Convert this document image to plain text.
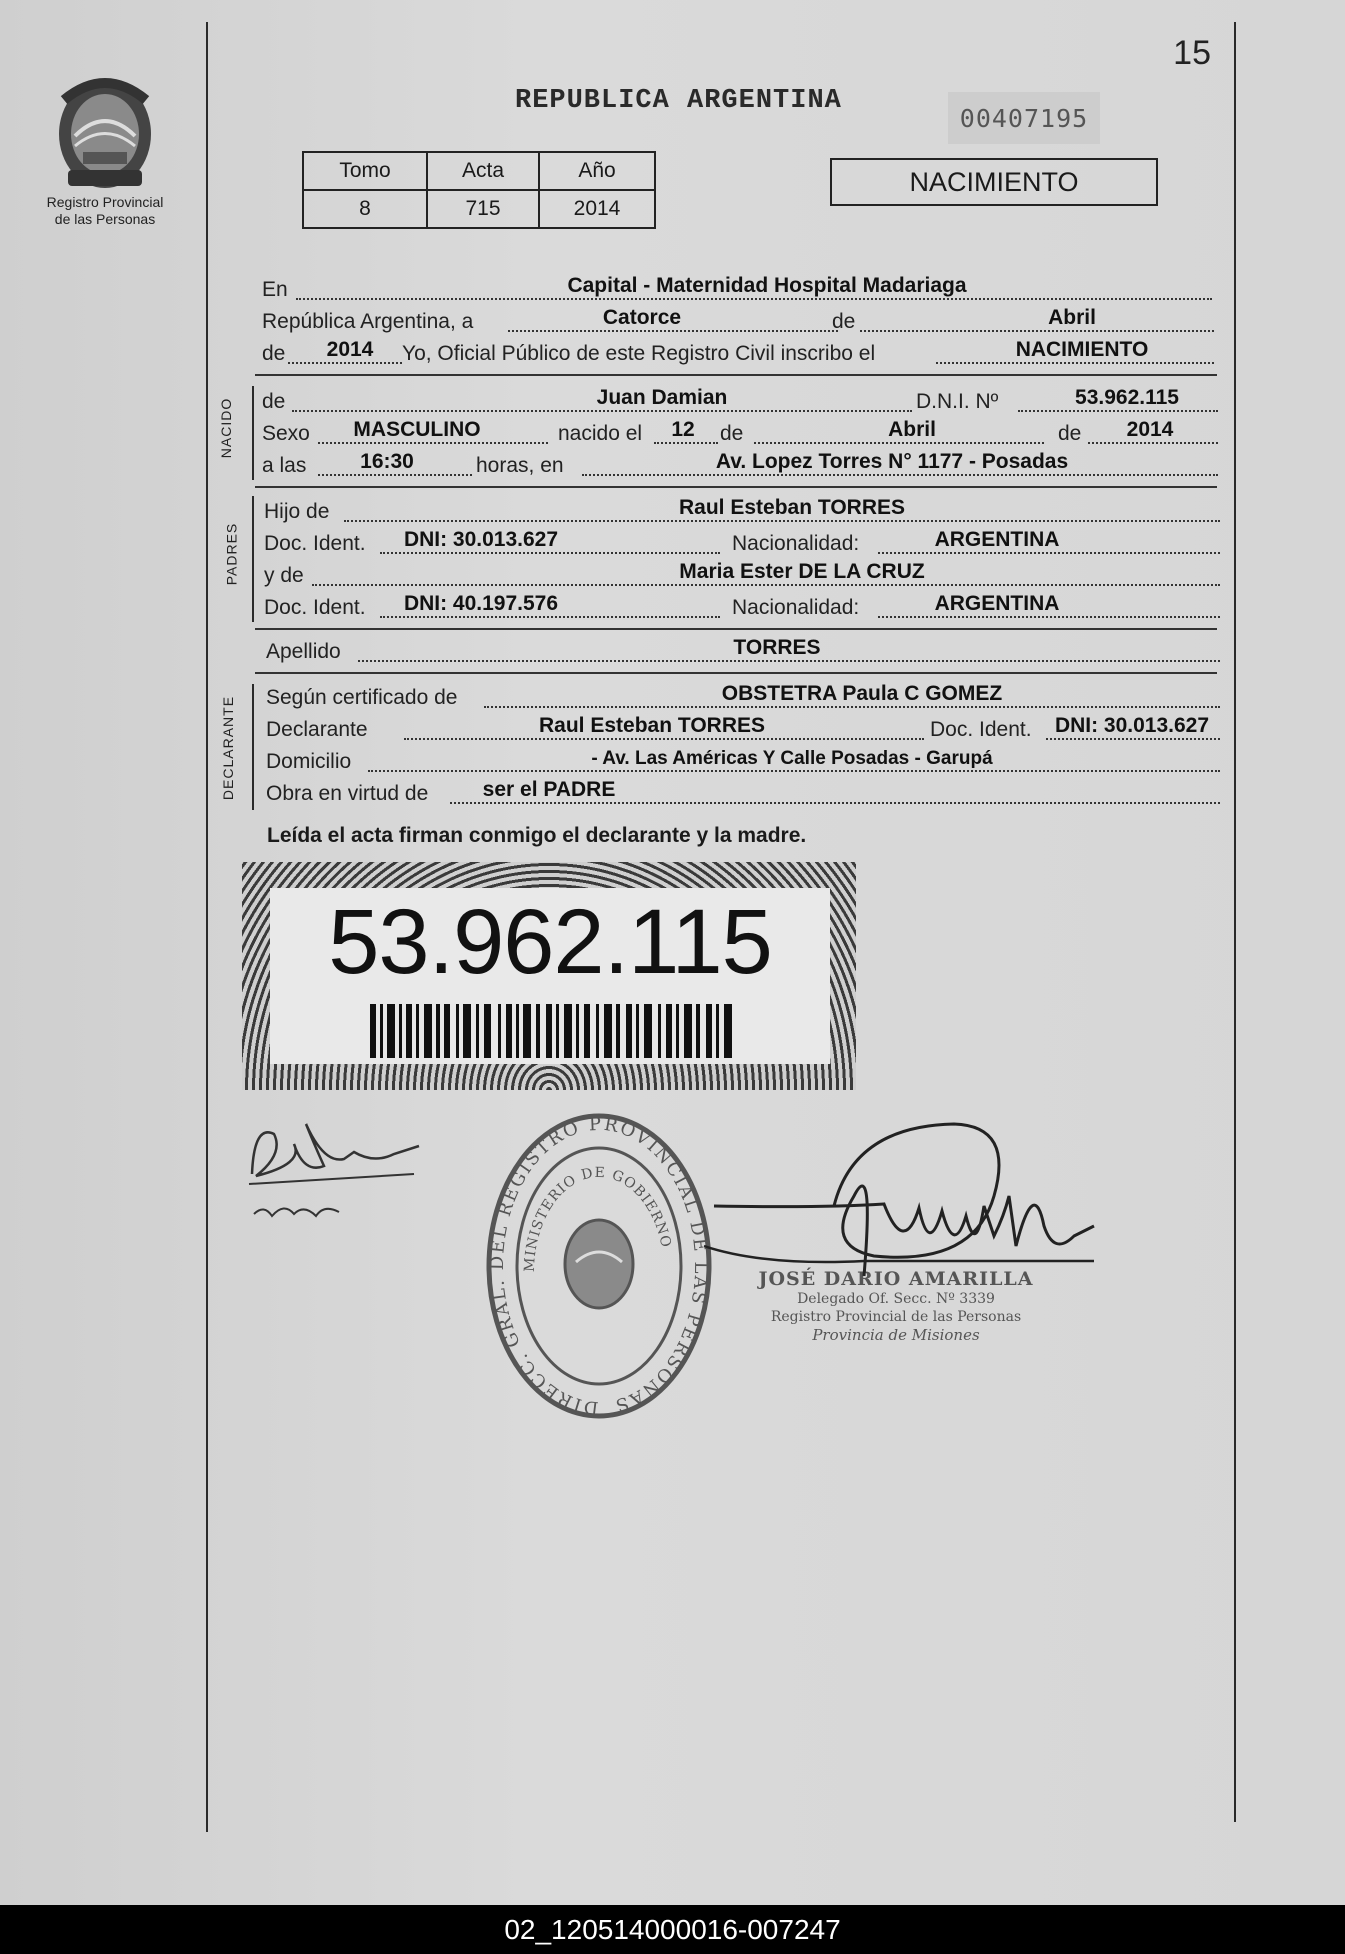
Registro Provincial
de las Personas
15
REPUBLICA ARGENTINA
00407195
Tomo	Acta	Año
8	715	2014
NACIMIENTO
En	Capital - Maternidad Hospital Madariaga
República Argentina, a	Catorce	de	Abril
de	2014	Yo, Oficial Público de este Registro Civil inscribo el	NACIMIENTO
NACIDO de	Juan Damian	D.N.I. Nº	53.962.115
Sexo	MASCULINO	nacido el	12	de	Abril	de	2014
a las	16:30	horas, en	Av. Lopez Torres N° 1177 - Posadas
PADRES
Hijo de	Raul Esteban TORRES
Doc. Ident.	DNI: 30.013.627	Nacionalidad:	ARGENTINA
y de	Maria Ester DE LA CRUZ
Doc. Ident.	DNI: 40.197.576	Nacionalidad:	ARGENTINA
Apellido	TORRES
DECLARANTE Según certificado de	OBSTETRA Paula C GOMEZ
Declarante	Raul Esteban TORRES	Doc. Ident.	DNI: 30.013.627
Domicilio	- Av. Las Américas Y Calle Posadas - Garupá
Obra en virtud de	ser el PADRE
Leída el acta firman conmigo el declarante y la madre.
53.962.115
DIRECC. GRAL. DEL REGISTRO PROVINCIAL DE LAS PERSONAS
MINISTERIO DE GOBIERNO
JOSÉ DARIO AMARILLA
Delegado Of. Secc. Nº 3339
Registro Provincial de las Personas
Provincia de Misiones
02_120514000016-007247
